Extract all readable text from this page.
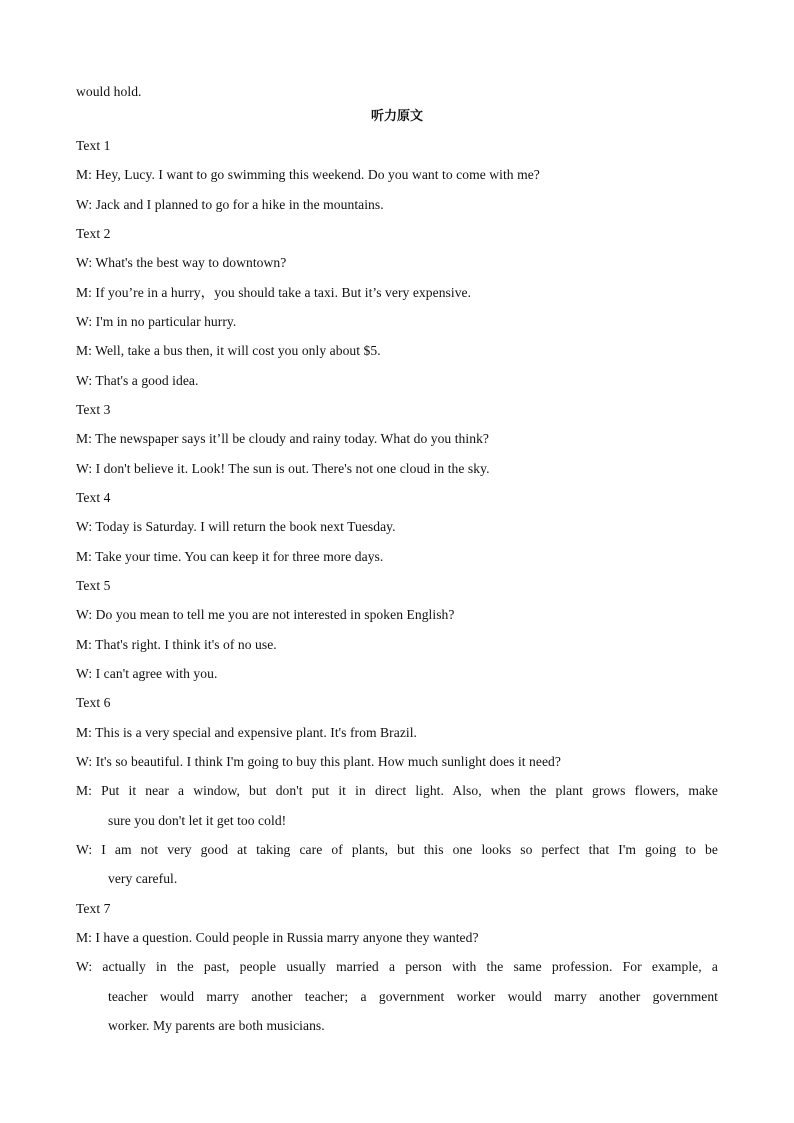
would hold.
听力原文
Text 1
M: Hey, Lucy. I want to go swimming this weekend. Do you want to come with me?
W: Jack and I planned to go for a hike in the mountains.
Text 2
W: What's the best way to downtown?
M: If you’re in a hurry，you should take a taxi. But it’s very expensive.
W: I'm in no particular hurry.
M: Well, take a bus then, it will cost you only about $5.
W: That's a good idea.
Text 3
M: The newspaper says it’ll be cloudy and rainy today. What do you think?
W: I don't believe it. Look! The sun is out. There's not one cloud in the sky.
Text 4
W: Today is Saturday. I will return the book next Tuesday.
M: Take your time. You can keep it for three more days.
Text 5
W: Do you mean to tell me you are not interested in spoken English?
M: That's right. I think it's of no use.
W: I can't agree with you.
Text 6
M: This is a very special and expensive plant. It's from Brazil.
W: It's so beautiful. I think I'm going to buy this plant. How much sunlight does it need?
M: Put it near a window, but don't put it in direct light. Also, when the plant grows flowers, make
sure you don't let it get too cold!
W: I am not very good at taking care of plants, but this one looks so perfect that I'm going to be
very careful.
Text 7
M: I have a question. Could people in Russia marry anyone they wanted?
W: actually in the past, people usually married a person with the same profession. For example, a
teacher would marry another teacher; a government worker would marry another government
worker. My parents are both musicians.
